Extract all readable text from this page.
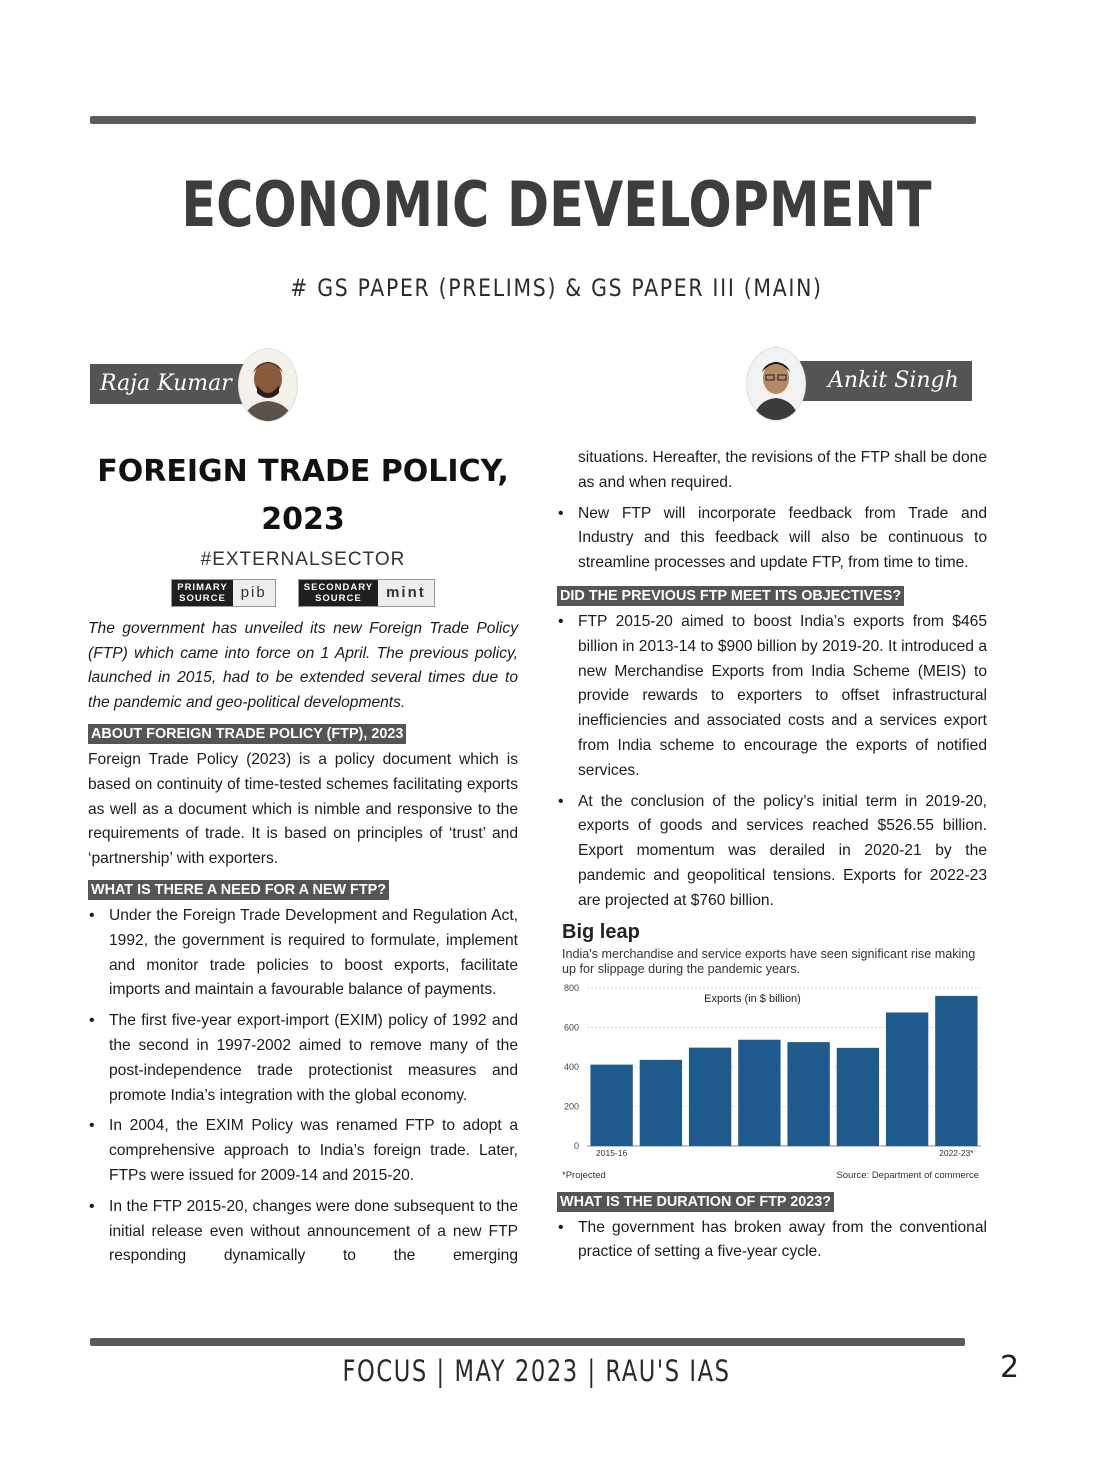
ECONOMIC DEVELOPMENT
# GS PAPER (PRELIMS) & GS PAPER III (MAIN)
Raja Kumar	Ankit Singh
FOREIGN TRADE POLICY,
2023
#EXTERNALSECTOR
PRIMARY
SOURCE pib	SECONDARY
SOURCE	mint

The government has unveiled its new Foreign Trade Policy (FTP) which came into force on 1 April. The previous policy, launched in 2015, had to be extended several times due to the pandemic and geo-political developments.

ABOUT FOREIGN TRADE POLICY (FTP), 2023

Foreign Trade Policy (2023) is a policy document which is based on continuity of time-tested schemes facilitating exports as well as a document which is nimble and responsive to the requirements of trade. It is based on principles of ‘trust’ and ‘partnership’ with exporters.

WHAT IS THERE A NEED FOR A NEW FTP?
• Under the Foreign Trade Development and Regulation Act, 1992, the government is required to formulate, implement and monitor trade policies to boost exports, facilitate imports and maintain a favourable balance of payments.
• The first five-year export-import (EXIM) policy of 1992 and the second in 1997-2002 aimed to remove many of the post-independence trade protectionist measures and promote India’s integration with the global economy.
• In 2004, the EXIM Policy was renamed FTP to adopt a comprehensive approach to India’s foreign trade. Later, FTPs were issued for 2009-14 and 2015-20.
• In the FTP 2015-20, changes were done subsequent to the initial release even without announcement of a new FTP responding dynamically to the emerging
situations. Hereafter, the revisions of the FTP shall be done as and when required.
• New FTP will incorporate feedback from Trade and Industry and this feedback will also be continuous to streamline processes and update FTP, from time to time.
DID THE PREVIOUS FTP MEET ITS OBJECTIVES?
• FTP 2015-20 aimed to boost India’s exports from $465 billion in 2013-14 to $900 billion by 2019-20. It introduced a new Merchandise Exports from India Scheme (MEIS) to provide rewards to exporters to offset infrastructural inefficiencies and associated costs and a services export from India scheme to encourage the exports of notified services.
• At the conclusion of the policy’s initial term in 2019-20, exports of goods and services reached $526.55 billion. Export momentum was derailed in 2020-21 by the pandemic and geopolitical tensions. Exports for 2022-23 are projected at $760 billion.
Big leap
India's merchandise and service exports have seen significant rise making up for slippage during the pandemic years.
0
200
400
600
800
2015-16	2022-23*
Exports (in $ billion)
*Projected	Source: Department of commerce
WHAT IS THE DURATION OF FTP 2023?
• The government has broken away from the conventional practice of setting a five-year cycle.
FOCUS | MAY 2023 | RAU'S IAS	2
